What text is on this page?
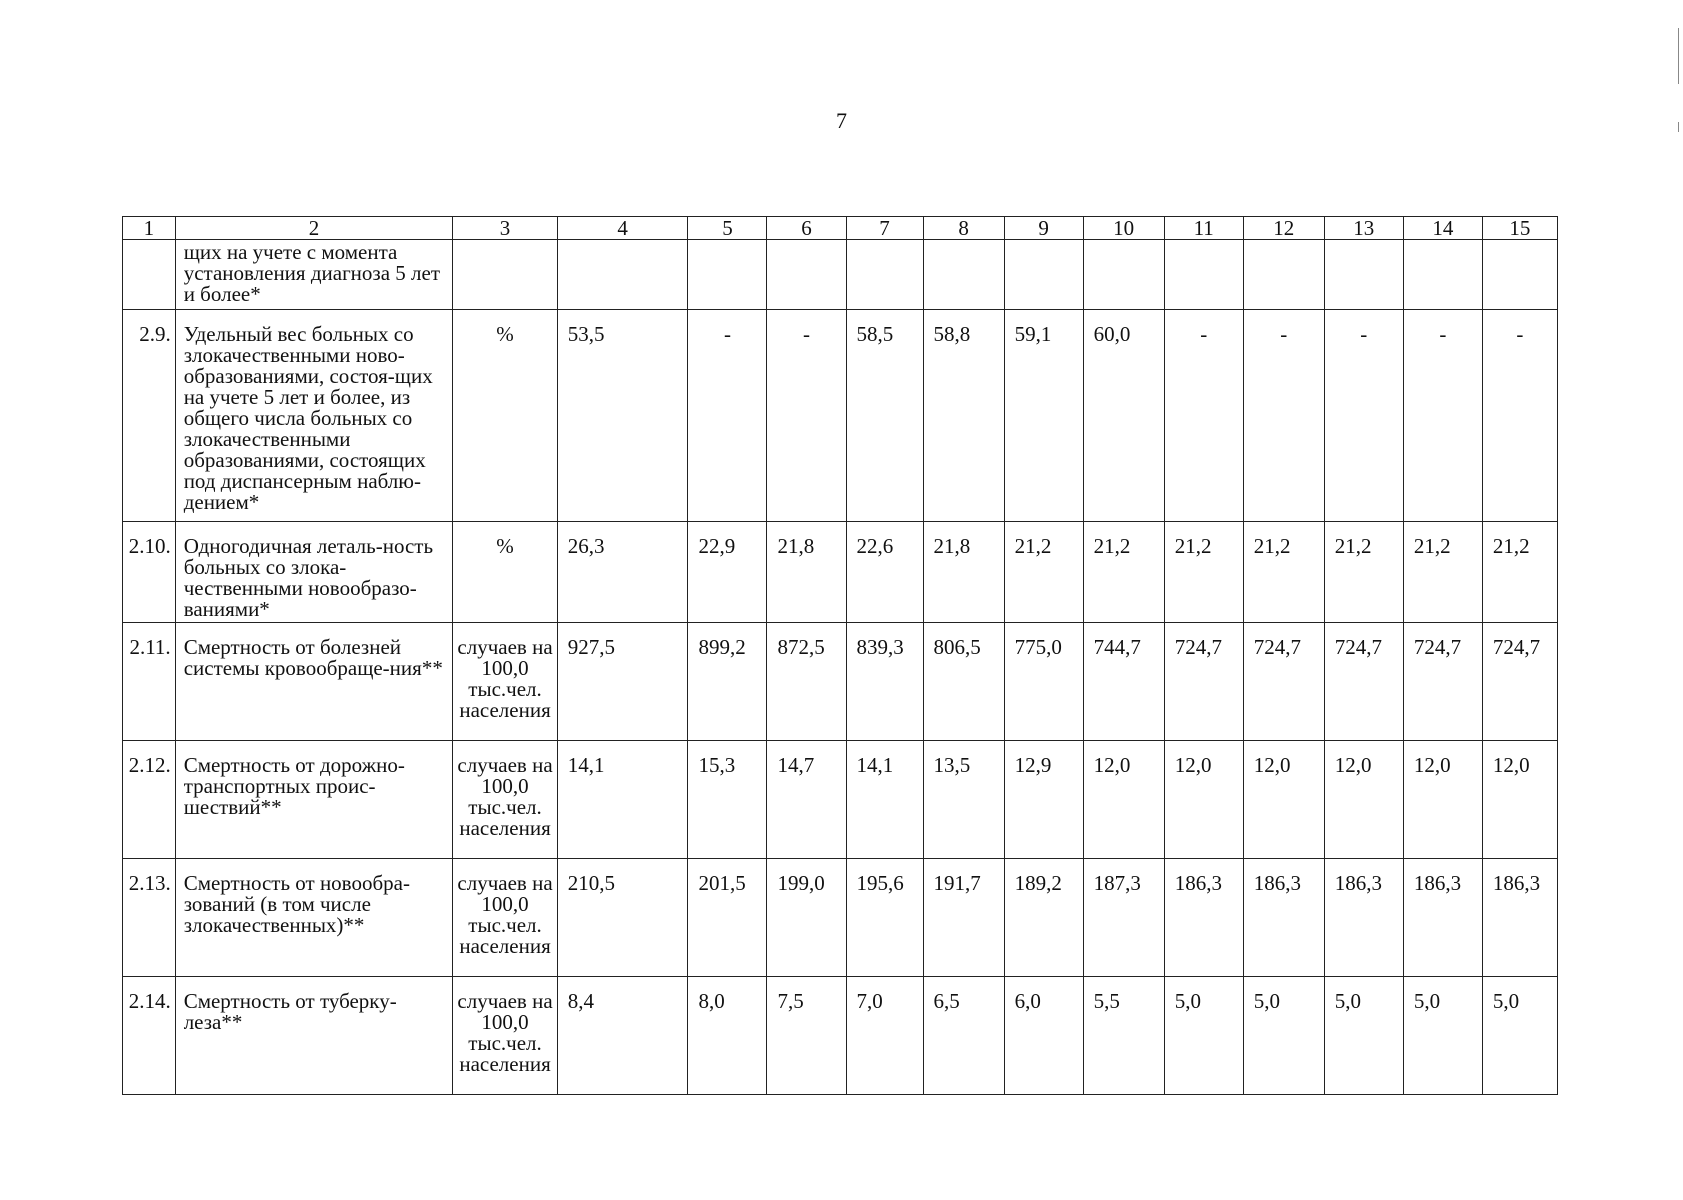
7
1	2	3	4	5	6	7	8	9	10	11	12	13	14	15
	щих на учете с момента установления диагноза 5 лет и более*													
2.9.	Удельный вес больных со злокачественными ново-образованиями, состоя-щих на учете 5 лет и более, из общего числа больных со злокачественными образованиями, состоящих под диспансерным наблю-дением*	%	53,5	-	-	58,5	58,8	59,1	60,0	-	-	-	-	-
2.10.	Одногодичная леталь-ность больных со злока-чественными новообразо-ваниями*	%	26,3	22,9	21,8	22,6	21,8	21,2	21,2	21,2	21,2	21,2	21,2	21,2
2.11.	Смертность от болезней системы кровообраще-ния**	случаев на 100,0 тыс.чел. населения	927,5	899,2	872,5	839,3	806,5	775,0	744,7	724,7	724,7	724,7	724,7	724,7
2.12.	Смертность от дорожно-транспортных проис-шествий**	случаев на 100,0 тыс.чел. населения	14,1	15,3	14,7	14,1	13,5	12,9	12,0	12,0	12,0	12,0	12,0	12,0
2.13.	Смертность от новообра-зований (в том числе злокачественных)**	случаев на 100,0 тыс.чел. населения	210,5	201,5	199,0	195,6	191,7	189,2	187,3	186,3	186,3	186,3	186,3	186,3
2.14.	Смертность от туберку-леза**	случаев на 100,0 тыс.чел. населения	8,4	8,0	7,5	7,0	6,5	6,0	5,5	5,0	5,0	5,0	5,0	5,0
